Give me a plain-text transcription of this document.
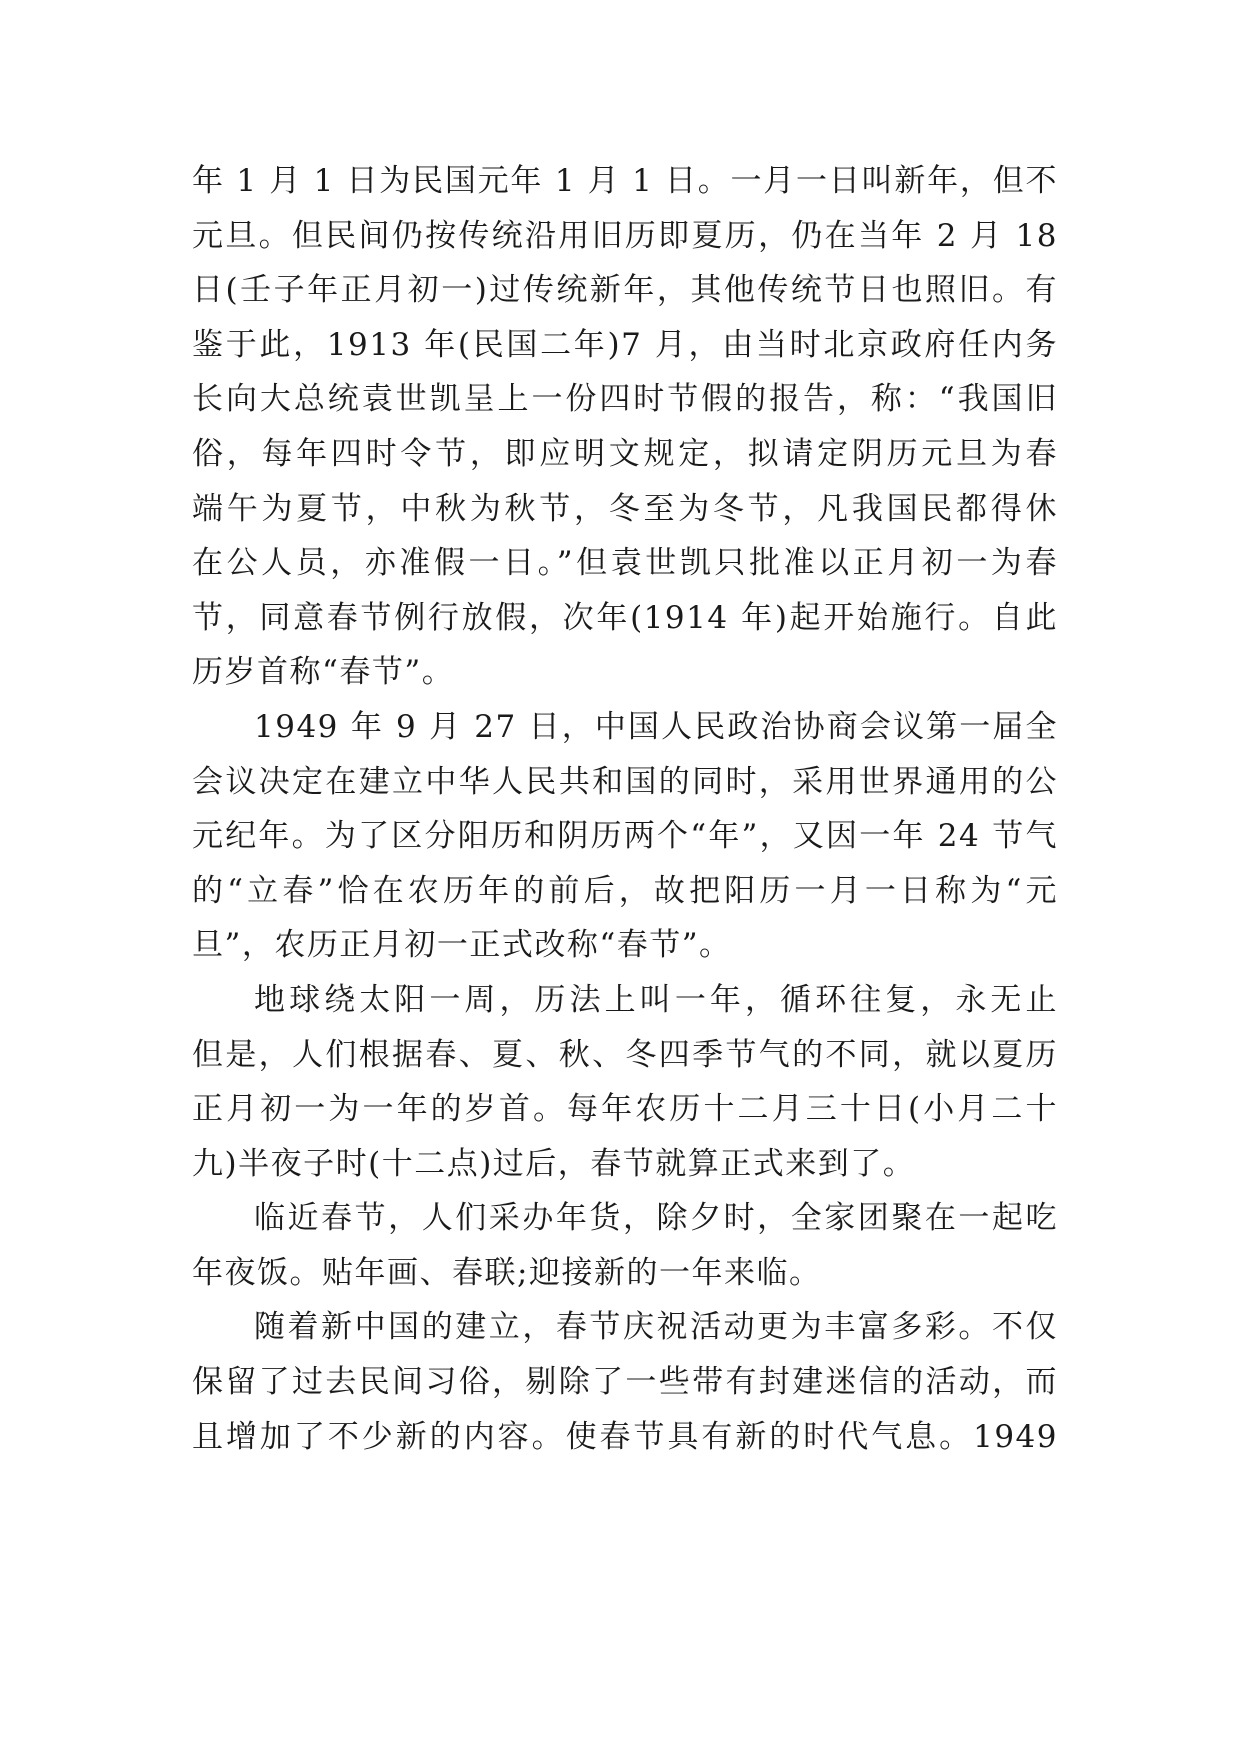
年 1 月 1 日为民国元年 1 月 1 日。一月一日叫新年，但不
元旦。但民间仍按传统沿用旧历即夏历，仍在当年 2 月 18
日(壬子年正月初一)过传统新年，其他传统节日也照旧。有
鉴于此，1913 年(民国二年)7 月，由当时北京政府任内务
长向大总统袁世凯呈上一份四时节假的报告，称：“我国旧
俗，每年四时令节，即应明文规定，拟请定阴历元旦为春
端午为夏节，中秋为秋节，冬至为冬节，凡我国民都得休
在公人员，亦准假一日。”但袁世凯只批准以正月初一为春
节，同意春节例行放假，次年(1914 年)起开始施行。自此
历岁首称“春节”。
1949 年 9 月 27 日，中国人民政治协商会议第一届全
会议决定在建立中华人民共和国的同时，采用世界通用的公
元纪年。为了区分阳历和阴历两个“年”，又因一年 24 节气
的“立春”恰在农历年的前后，故把阳历一月一日称为“元
旦”，农历正月初一正式改称“春节”。
地球绕太阳一周，历法上叫一年，循环往复，永无止
但是，人们根据春、夏、秋、冬四季节气的不同，就以夏历
正月初一为一年的岁首。每年农历十二月三十日(小月二十
九)半夜子时(十二点)过后，春节就算正式来到了。
临近春节，人们采办年货，除夕时，全家团聚在一起吃
年夜饭。贴年画、春联;迎接新的一年来临。
随着新中国的建立，春节庆祝活动更为丰富多彩。不仅
保留了过去民间习俗，剔除了一些带有封建迷信的活动，而
且增加了不少新的内容。使春节具有新的时代气息。1949
